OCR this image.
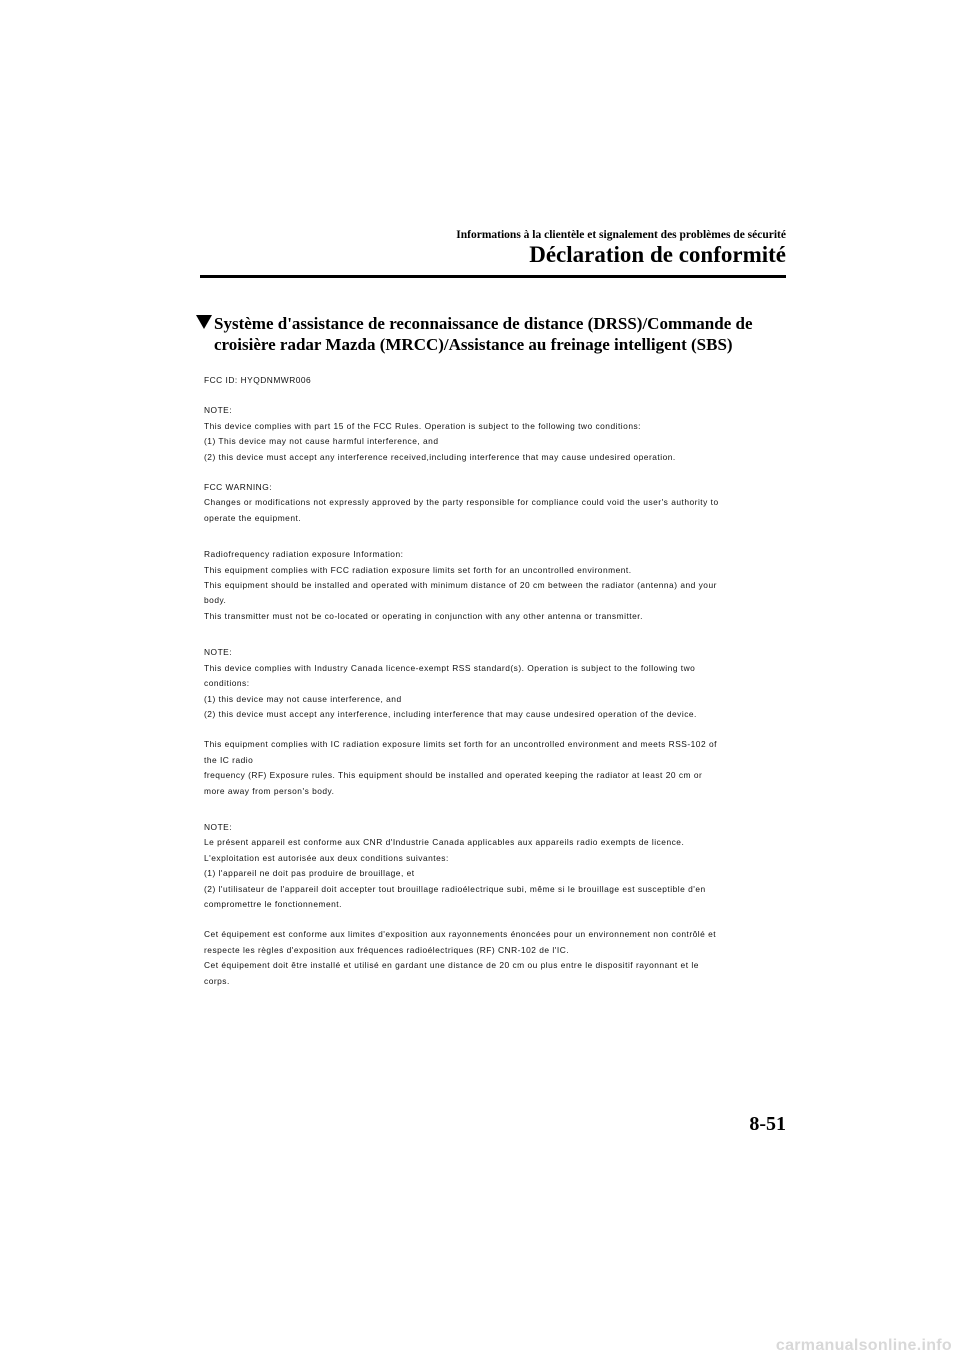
Informations à la clientèle et signalement des problèmes de sécurité
Déclaration de conformité
Système d'assistance de reconnaissance de distance (DRSS)/Commande de croisière radar Mazda (MRCC)/Assistance au freinage intelligent (SBS)

FCC ID: HYQDNMWR006

NOTE:
This device complies with part 15 of the FCC Rules. Operation is subject to the following two conditions:
(1) This device may not cause harmful interference, and
(2) this device must accept any interference received,including interference that may cause undesired operation.

FCC WARNING:
Changes or modifications not expressly approved by the party responsible for compliance could void the user's authority to
operate the equipment.

Radiofrequency radiation exposure Information:
This equipment complies with FCC radiation exposure limits set forth for an uncontrolled environment.
This equipment should be installed and operated with minimum distance of 20 cm between the radiator (antenna) and your
body.
This transmitter must not be co-located or operating in conjunction with any other antenna or transmitter.

NOTE:
This device complies with Industry Canada licence-exempt RSS standard(s). Operation is subject to the following two
conditions:
(1) this device may not cause interference, and
(2) this device must accept any interference, including interference that may cause undesired operation of the device.

This equipment complies with IC radiation exposure limits set forth for an uncontrolled environment and meets RSS-102 of
the IC radio
frequency (RF) Exposure rules. This equipment should be installed and operated keeping the radiator at least 20 cm or
more away from person's body.

NOTE:
Le présent appareil est conforme aux CNR d'Industrie Canada applicables aux appareils radio exempts de licence.
L'exploitation est autorisée aux deux conditions suivantes:
(1) l'appareil ne doit pas produire de brouillage, et
(2) l'utilisateur de l'appareil doit accepter tout brouillage radioélectrique subi, même si le brouillage est susceptible d'en
compromettre le fonctionnement.

Cet équipement est conforme aux limites d'exposition aux rayonnements énoncées pour un environnement non contrôlé et
respecte les règles d'exposition aux fréquences radioélectriques (RF) CNR-102 de l'IC.
Cet équipement doit être installé et utilisé en gardant une distance de 20 cm ou plus entre le dispositif rayonnant et le
corps.

8-51
carmanualsonline.info
